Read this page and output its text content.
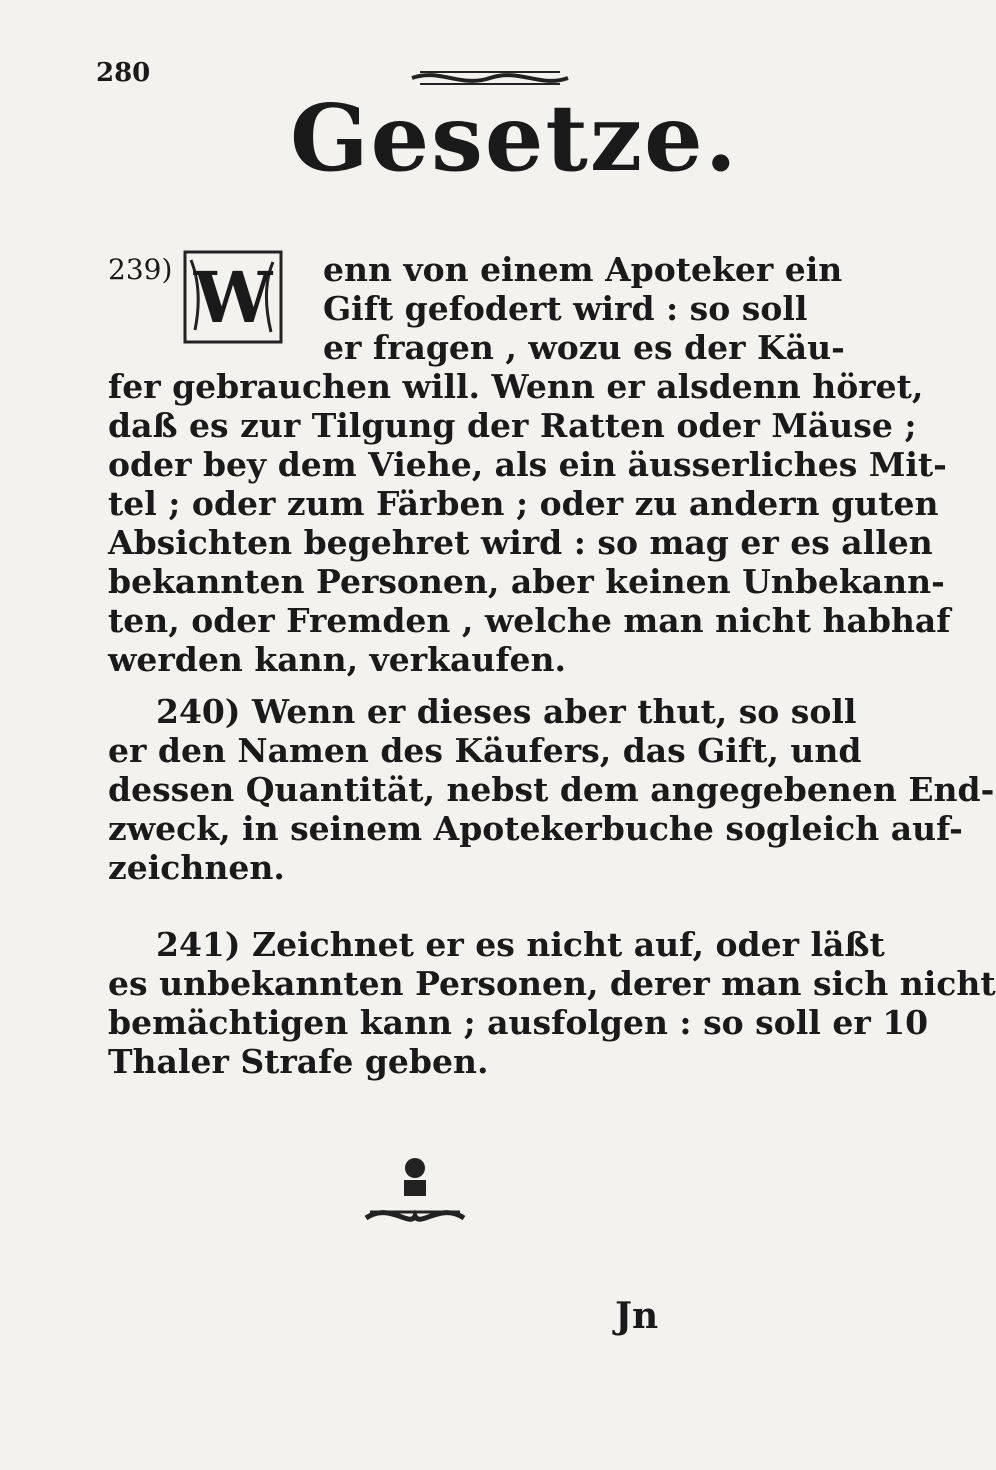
280
Gesetze.
239) W	enn von einem Apoteker ein

Gift gefodert wird : so soll

er fragen , wozu es der Käu-

fer gebrauchen will. Wenn er alsdenn höret,

daß es zur Tilgung der Ratten oder Mäuse ;

oder bey dem Viehe, als ein äusserliches Mit-

tel ; oder zum Färben ; oder zu andern guten

Absichten begehret wird : so mag er es allen

bekannten Personen, aber keinen Unbekann-

ten, oder Fremden , welche man nicht habhaf

werden kann, verkaufen.

240) Wenn er dieses aber thut, so soll

er den Namen des Käufers, das Gift, und

dessen Quantität, nebst dem angegebenen End-

zweck, in seinem Apotekerbuche sogleich auf-

zeichnen.

241) Zeichnet er es nicht auf, oder läßt

es unbekannten Personen, derer man sich nicht

bemächtigen kann ; ausfolgen : so soll er 10

Thaler Strafe geben.

Jn
